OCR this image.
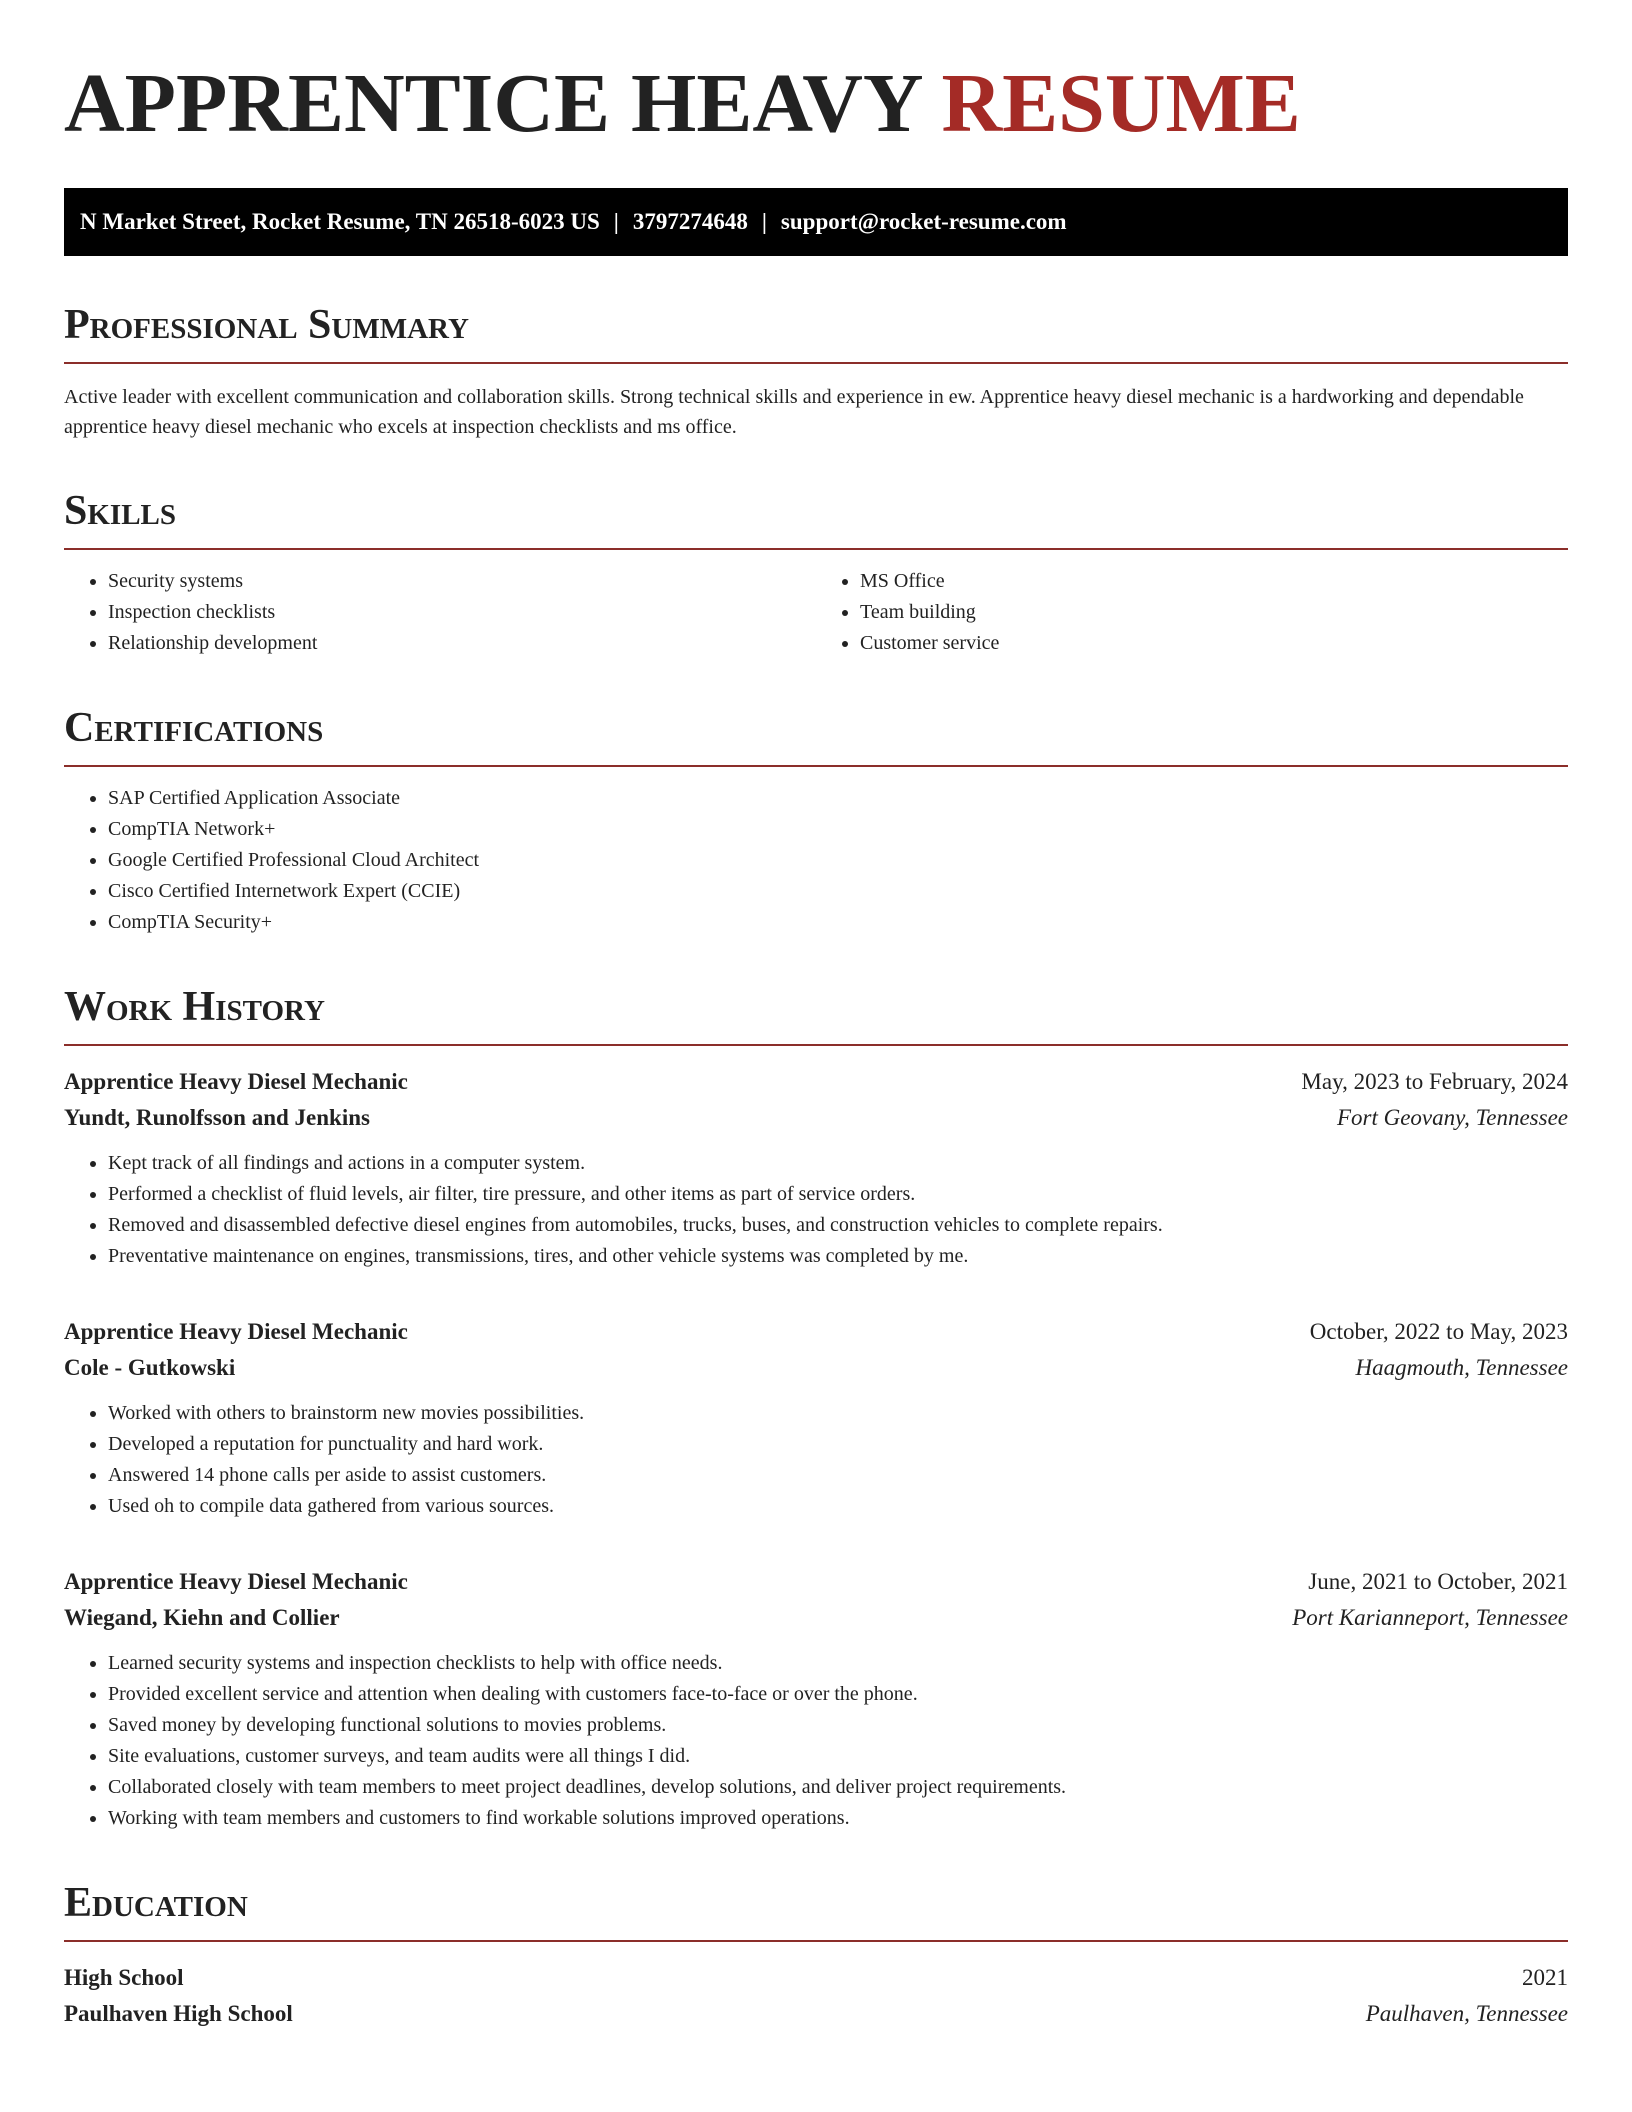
APPRENTICE HEAVY RESUME
N Market Street, Rocket Resume, TN 26518-6023 US | 3797274648 | support@rocket-resume.com
Professional Summary

Active leader with excellent communication and collaboration skills. Strong technical skills and experience in ew. Apprentice heavy diesel mechanic is a hardworking and dependable apprentice heavy diesel mechanic who excels at inspection checklists and ms office.

Skills
• Security systems
• Inspection checklists
• Relationship development
• MS Office
• Team building
• Customer service
Certifications
• SAP Certified Application Associate
• CompTIA Network+
• Google Certified Professional Cloud Architect
• Cisco Certified Internetwork Expert (CCIE)
• CompTIA Security+
Work History
Apprentice Heavy Diesel Mechanic	May, 2023 to February, 2024
Yundt, Runolfsson and Jenkins	Fort Geovany, Tennessee
• Kept track of all findings and actions in a computer system.
• Performed a checklist of fluid levels, air filter, tire pressure, and other items as part of service orders.
• Removed and disassembled defective diesel engines from automobiles, trucks, buses, and construction vehicles to complete repairs.
• Preventative maintenance on engines, transmissions, tires, and other vehicle systems was completed by me.
Apprentice Heavy Diesel Mechanic	October, 2022 to May, 2023
Cole - Gutkowski	Haagmouth, Tennessee
• Worked with others to brainstorm new movies possibilities.
• Developed a reputation for punctuality and hard work.
• Answered 14 phone calls per aside to assist customers.
• Used oh to compile data gathered from various sources.
Apprentice Heavy Diesel Mechanic	June, 2021 to October, 2021
Wiegand, Kiehn and Collier	Port Karianneport, Tennessee
• Learned security systems and inspection checklists to help with office needs.
• Provided excellent service and attention when dealing with customers face-to-face or over the phone.
• Saved money by developing functional solutions to movies problems.
• Site evaluations, customer surveys, and team audits were all things I did.
• Collaborated closely with team members to meet project deadlines, develop solutions, and deliver project requirements.
• Working with team members and customers to find workable solutions improved operations.
Education
High School	2021
Paulhaven High School	Paulhaven, Tennessee
